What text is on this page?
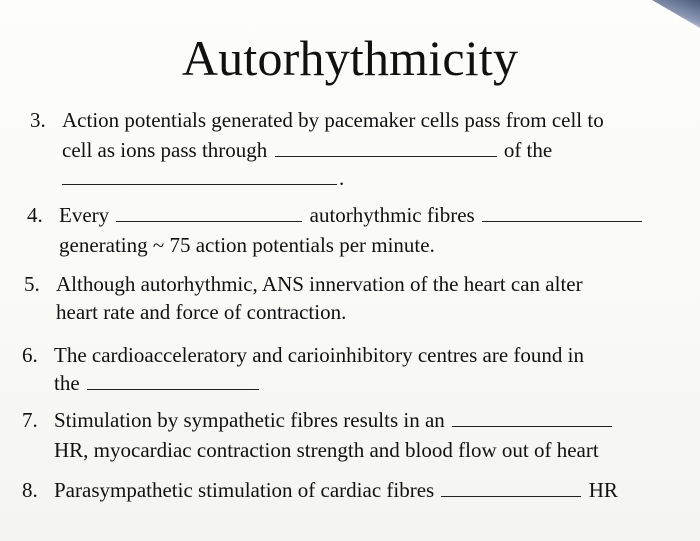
Autorhythmicity
3. Action potentials generated by pacemaker cells pass from cell to
cell as ions pass through	of the
.
4. Every	autorhythmic fibres
generating ~ 75 action potentials per minute.
5. Although autorhythmic, ANS innervation of the heart can alter
heart rate and force of contraction.
6. The cardioacceleratory and carioinhibitory centres are found in
the
7. Stimulation by sympathetic fibres results in an
HR, myocardiac contraction strength and blood flow out of heart
8. Parasympathetic stimulation of cardiac fibres	HR
